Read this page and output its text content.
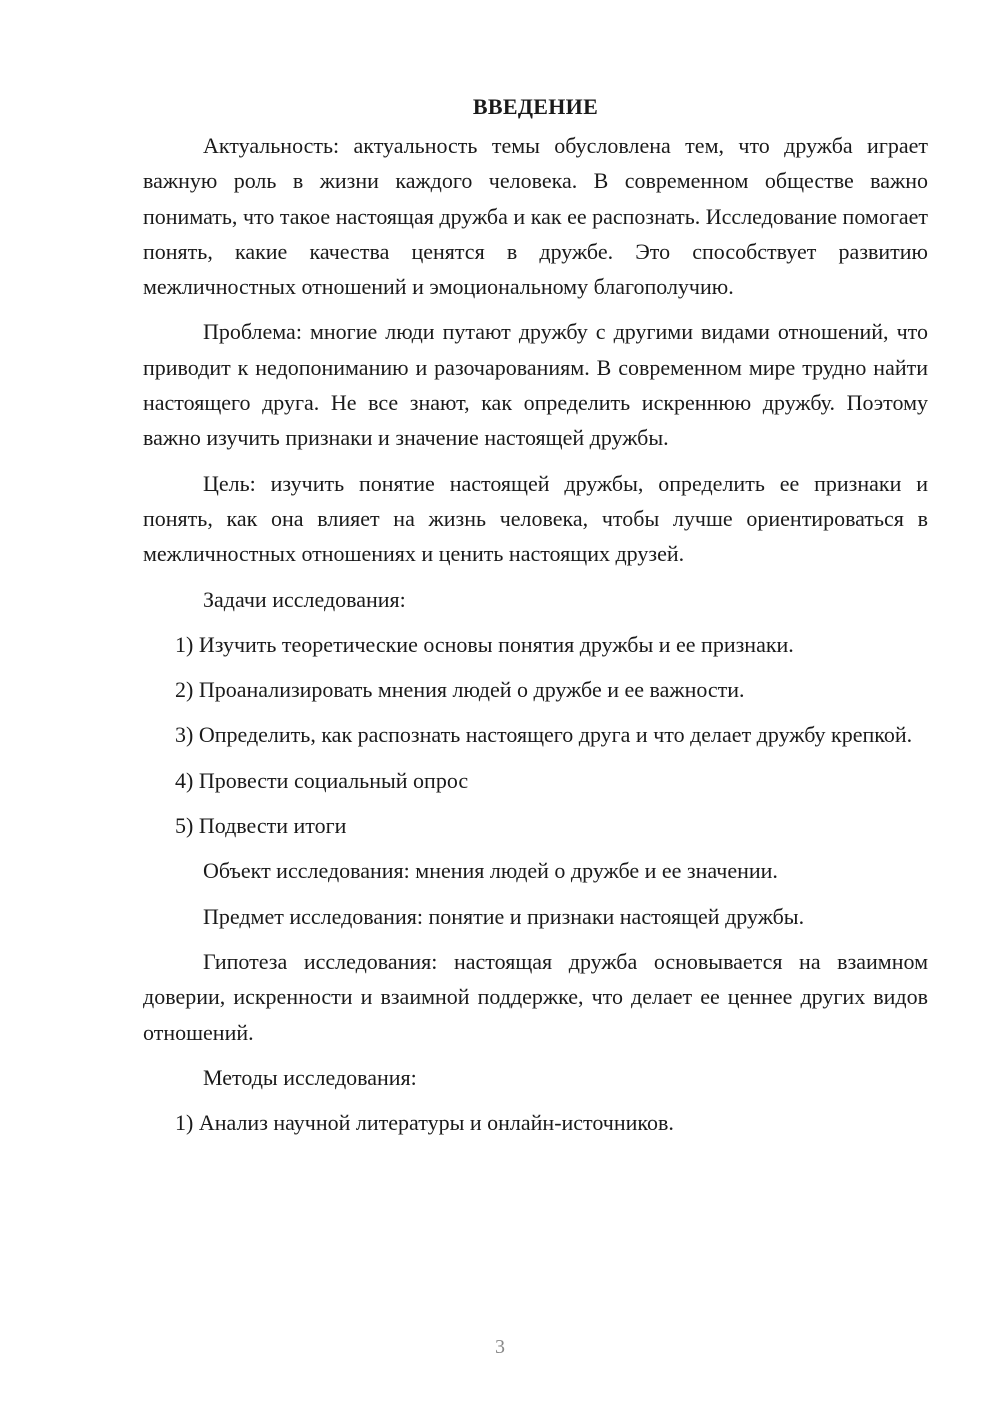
ВВЕДЕНИЕ

Актуальность: актуальность темы обусловлена тем, что дружба играет важную роль в жизни каждого человека. В современном обществе важно понимать, что такое настоящая дружба и как ее распознать. Исследование помогает понять, какие качества ценятся в дружбе. Это способствует развитию межличностных отношений и эмоциональному благополучию.

Проблема: многие люди путают дружбу с другими видами отношений, что приводит к недопониманию и разочарованиям. В современном мире трудно найти настоящего друга. Не все знают, как определить искреннюю дружбу. Поэтому важно изучить признаки и значение настоящей дружбы.

Цель: изучить понятие настоящей дружбы, определить ее признаки и понять, как она влияет на жизнь человека, чтобы лучше ориентироваться в межличностных отношениях и ценить настоящих друзей.

Задачи исследования:

1) Изучить теоретические основы понятия дружбы и ее признаки.

2) Проанализировать мнения людей о дружбе и ее важности.

3) Определить, как распознать настоящего друга и что делает дружбу крепкой.

4) Провести социальный опрос

5) Подвести итоги

Объект исследования: мнения людей о дружбе и ее значении.

Предмет исследования: понятие и признаки настоящей дружбы.

Гипотеза исследования: настоящая дружба основывается на взаимном доверии, искренности и взаимной поддержке, что делает ее ценнее других видов отношений.

Методы исследования:

1) Анализ научной литературы и онлайн-источников.

3
